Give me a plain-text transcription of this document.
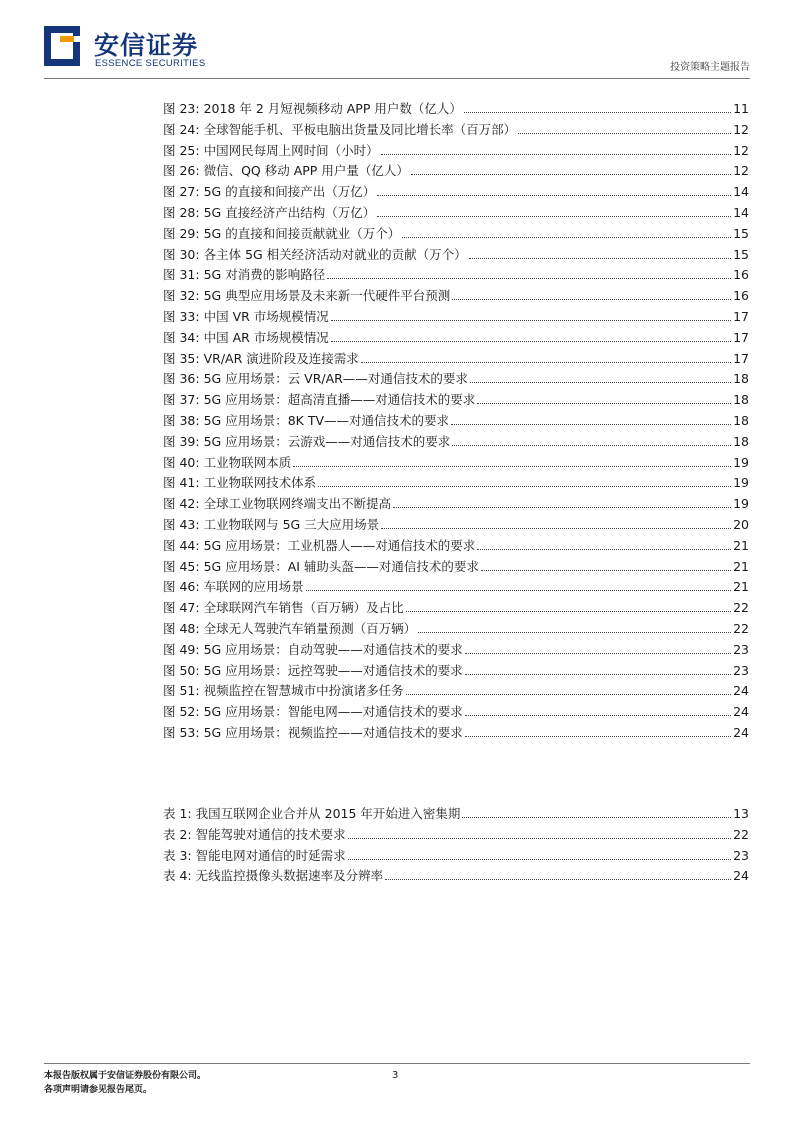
安信证券
ESSENCE SECURITIES	投资策略主题报告
图 23: 2018 年 2 月短视频移动 APP 用户数（亿人）	11
图 24: 全球智能手机、平板电脑出货量及同比增长率（百万部）	12
图 25: 中国网民每周上网时间（小时）	12
图 26: 微信、QQ 移动 APP 用户量（亿人）	12
图 27: 5G 的直接和间接产出（万亿）	14
图 28: 5G 直接经济产出结构（万亿）	14
图 29: 5G 的直接和间接贡献就业（万个）	15
图 30: 各主体 5G 相关经济活动对就业的贡献（万个）	15
图 31: 5G 对消费的影响路径	16
图 32: 5G 典型应用场景及未来新一代硬件平台预测	16
图 33: 中国 VR 市场规模情况	17
图 34: 中国 AR 市场规模情况	17
图 35: VR/AR 演进阶段及连接需求	17
图 36: 5G 应用场景：云 VR/AR——对通信技术的要求	18
图 37: 5G 应用场景：超高清直播——对通信技术的要求	18
图 38: 5G 应用场景：8K TV——对通信技术的要求	18
图 39: 5G 应用场景：云游戏——对通信技术的要求	18
图 40: 工业物联网本质	19
图 41: 工业物联网技术体系	19
图 42: 全球工业物联网终端支出不断提高	19
图 43: 工业物联网与 5G 三大应用场景	20
图 44: 5G 应用场景：工业机器人——对通信技术的要求	21
图 45: 5G 应用场景：AI 辅助头盔——对通信技术的要求	21
图 46: 车联网的应用场景	21
图 47: 全球联网汽车销售（百万辆）及占比	22
图 48: 全球无人驾驶汽车销量预测（百万辆）	22
图 49: 5G 应用场景：自动驾驶——对通信技术的要求	23
图 50: 5G 应用场景：远控驾驶——对通信技术的要求	23
图 51: 视频监控在智慧城市中扮演诸多任务	24
图 52: 5G 应用场景：智能电网——对通信技术的要求	24
图 53: 5G 应用场景：视频监控——对通信技术的要求	24
表 1: 我国互联网企业合并从 2015 年开始进入密集期	13
表 2: 智能驾驶对通信的技术要求	22
表 3: 智能电网对通信的时延需求	23
表 4: 无线监控摄像头数据速率及分辨率	24
本报告版权属于安信证券股份有限公司。
各项声明请参见报告尾页。
3
